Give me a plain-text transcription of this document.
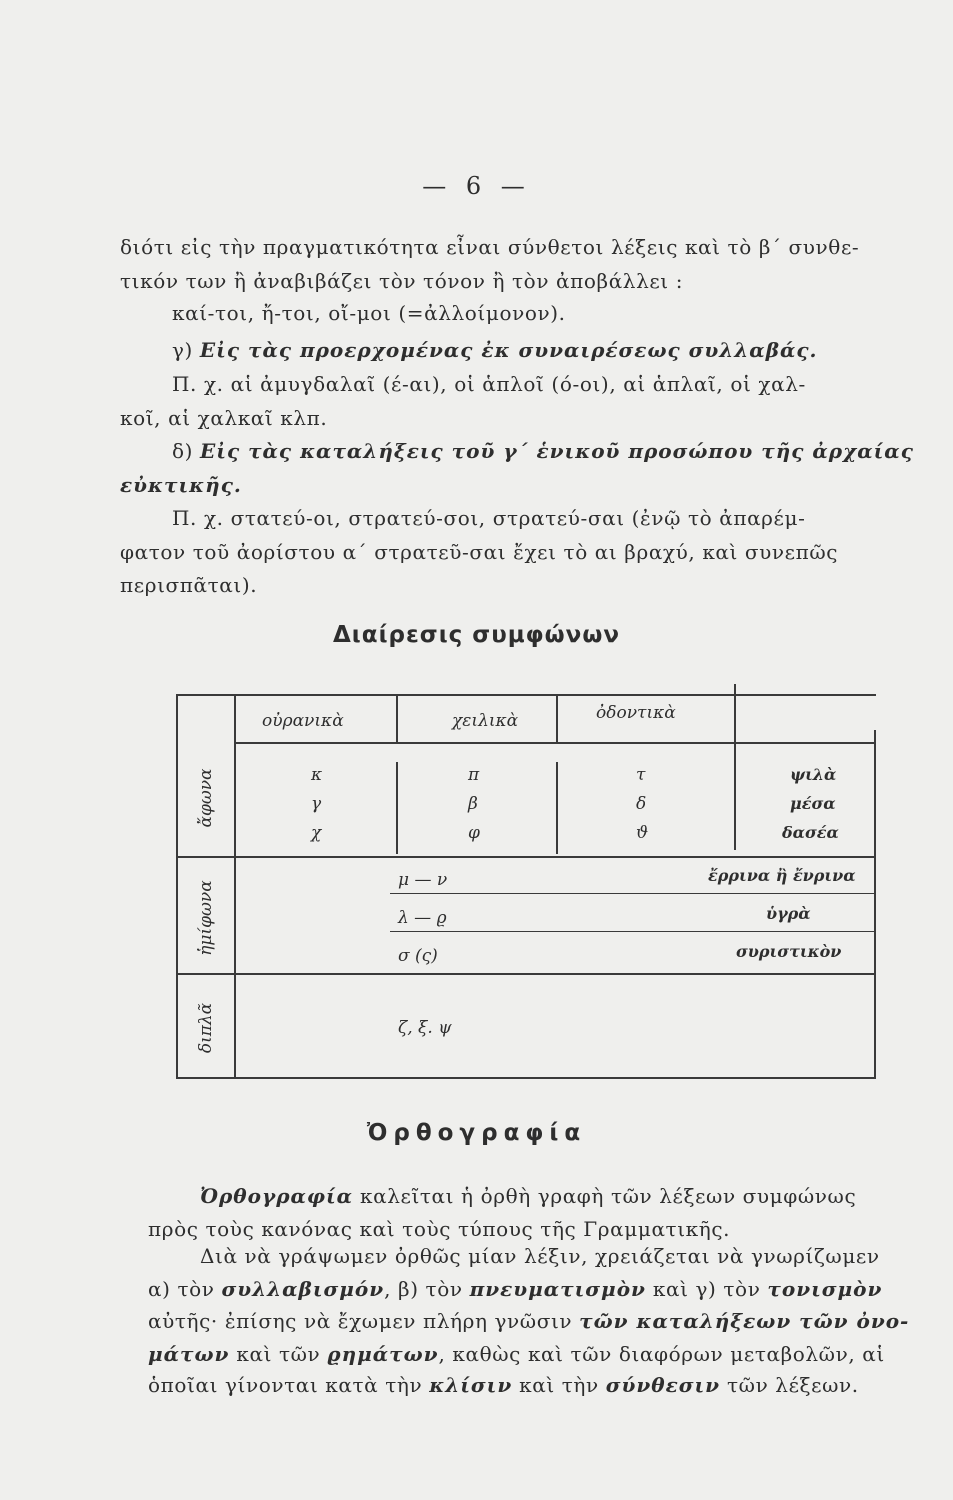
— 6 —
διότι εἰς τὴν πραγματικότητα εἶναι σύνθετοι λέξεις καὶ τὸ β΄ συνθε-
τικόν των ἢ ἀναβιβάζει τὸν τόνον ἢ τὸν ἀποβάλλει :
καί-τοι, ἤ-τοι, οἴ-μοι (=ἀλλοίμονον).
γ) Εἰς τὰς προερχομένας ἐκ συναιρέσεως συλλαβάς.
Π. χ. αἱ ἀμυγδαλαῖ (έ-αι), οἱ ἁπλοῖ (ό-οι), αἱ ἁπλαῖ, οἱ χαλ-
κοῖ, αἱ χαλκαῖ κλπ.
δ) Εἰς τὰς καταλήξεις τοῦ γ΄ ἑνικοῦ προσώπου τῆς ἀρχαίας
εὐκτικῆς.
Π. χ. στατεύ-οι, στρατεύ-σοι, στρατεύ-σαι (ἐνῷ τὸ ἀπαρέμ-
φατον τοῦ ἀορίστου α΄ στρατεῦ-σαι ἔχει τὸ αι βραχύ, καὶ συνεπῶς
περισπᾶται).
Διαίρεσις συμφώνων
οὐρανικὰ	χειλικὰ	ὀδοντικὰ
ἄφωνα
ἡμίφωνα
διπλᾶ
κ
γ
χ
π
β
φ
τ
δ
ϑ
ψιλὰ
μέσα
δασέα
μ — ν
λ — ϱ
σ (ς)
ἔρρινα ἢ ἔνρινα
ὑγρὰ
συριστικὸν
ζ, ξ. ψ
Ὀρθογραφία
Ὀρθογραφία καλεῖται ἡ ὀρθὴ γραφὴ τῶν λέξεων συμφώνως
πρὸς τοὺς κανόνας καὶ τοὺς τύπους τῆς Γραμματικῆς.
Διὰ νὰ γράψωμεν ὀρθῶς μίαν λέξιν, χρειάζεται νὰ γνωρίζωμεν
α) τὸν συλλαβισμόν, β) τὸν πνευματισμὸν καὶ γ) τὸν τονισμὸν
αὐτῆς· ἐπίσης νὰ ἔχωμεν πλήρη γνῶσιν τῶν καταλήξεων τῶν ὀνο-
μάτων καὶ τῶν ϱημάτων, καθὼς καὶ τῶν διαφόρων μεταβολῶν, αἱ
ὁποῖαι γίνονται κατὰ τὴν κλίσιν καὶ τὴν σύνθεσιν τῶν λέξεων.
